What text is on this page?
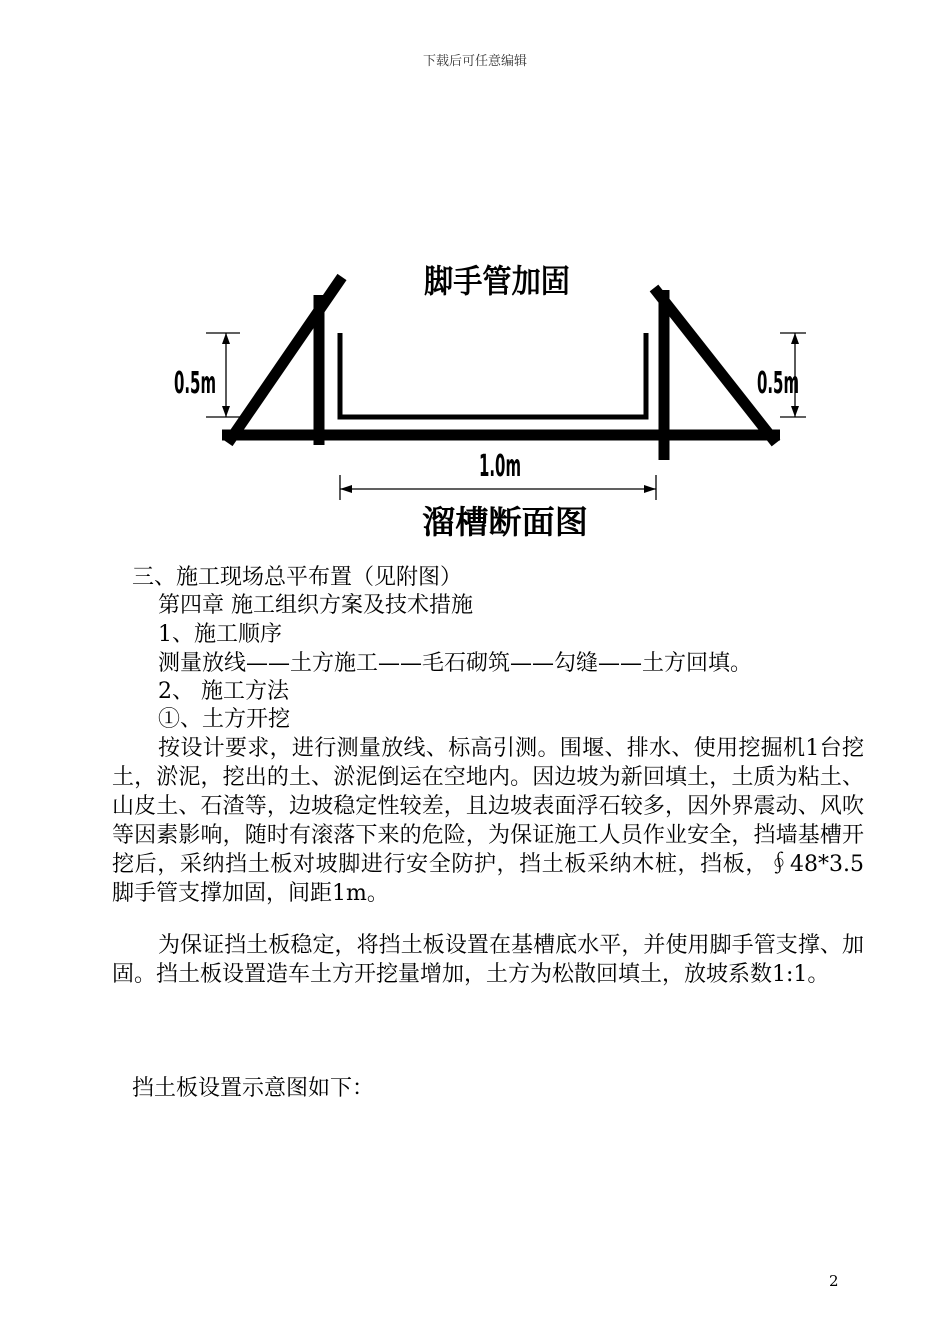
下载后可任意编辑
脚手管加固
0.5m	0.5m
1.0m
溜槽断面图
三、施工现场总平布置（见附图）
第四章 施工组织方案及技术措施
1、施工顺序
测量放线——土方施工——毛石砌筑——勾缝——土方回填。
2、 施工方法
①、土方开挖
按设计要求，进行测量放线、标高引测。围堰、排水、使用挖掘机1台挖土，淤泥，挖出的土、淤泥倒运在空地内。因边坡为新回填土，土质为粘土、山皮土、石渣等，边坡稳定性较差，且边坡表面浮石较多，因外界震动、风吹等因素影响，随时有滚落下来的危险，为保证施工人员作业安全，挡墙基槽开挖后，采纳挡土板对坡脚进行安全防护，挡土板采纳木桩，挡板，∮48*3.5脚手管支撑加固，间距1m。
为保证挡土板稳定，将挡土板设置在基槽底水平，并使用脚手管支撑、加固。挡土板设置造车土方开挖量增加，土方为松散回填土，放坡系数1:1。
挡土板设置示意图如下：
2
